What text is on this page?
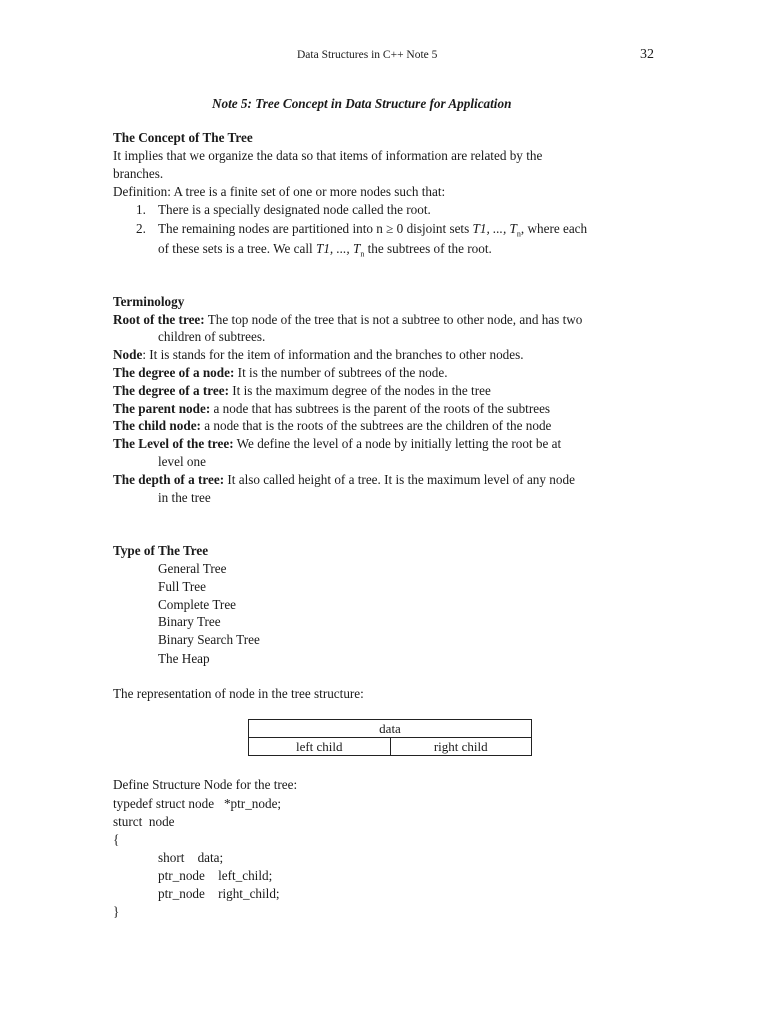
Data Structures in C++ Note 5	32
Note 5: Tree Concept in Data Structure for Application
The Concept of The Tree
It implies that we organize the data so that items of information are related by the
branches.
Definition: A tree is a finite set of one or more nodes such that:
1. There is a specially designated node called the root.
2. The remaining nodes are partitioned into n ≥ 0 disjoint sets T1, ..., $T_n$, where each
of these sets is a tree. We call T1, ..., $T_n$ the subtrees of the root.
Terminology
Root of the tree: The top node of the tree that is not a subtree to other node, and has two
children of subtrees.
Node: It is stands for the item of information and the branches to other nodes.
The degree of a node: It is the number of subtrees of the node.
The degree of a tree: It is the maximum degree of the nodes in the tree
The parent node: a node that has subtrees is the parent of the roots of the subtrees
The child node: a node that is the roots of the subtrees are the children of the node
The Level of the tree: We define the level of a node by initially letting the root be at
level one
The depth of a tree: It also called height of a tree. It is the maximum level of any node
in the tree
Type of The Tree
General Tree
Full Tree
Complete Tree
Binary Tree
Binary Search Tree
The Heap
The representation of node in the tree structure:
data
left child	right child
Define Structure Node for the tree:
typedef struct node   *ptr_node;
sturct  node
{
short    data;
ptr_node    left_child;
ptr_node    right_child;
}
